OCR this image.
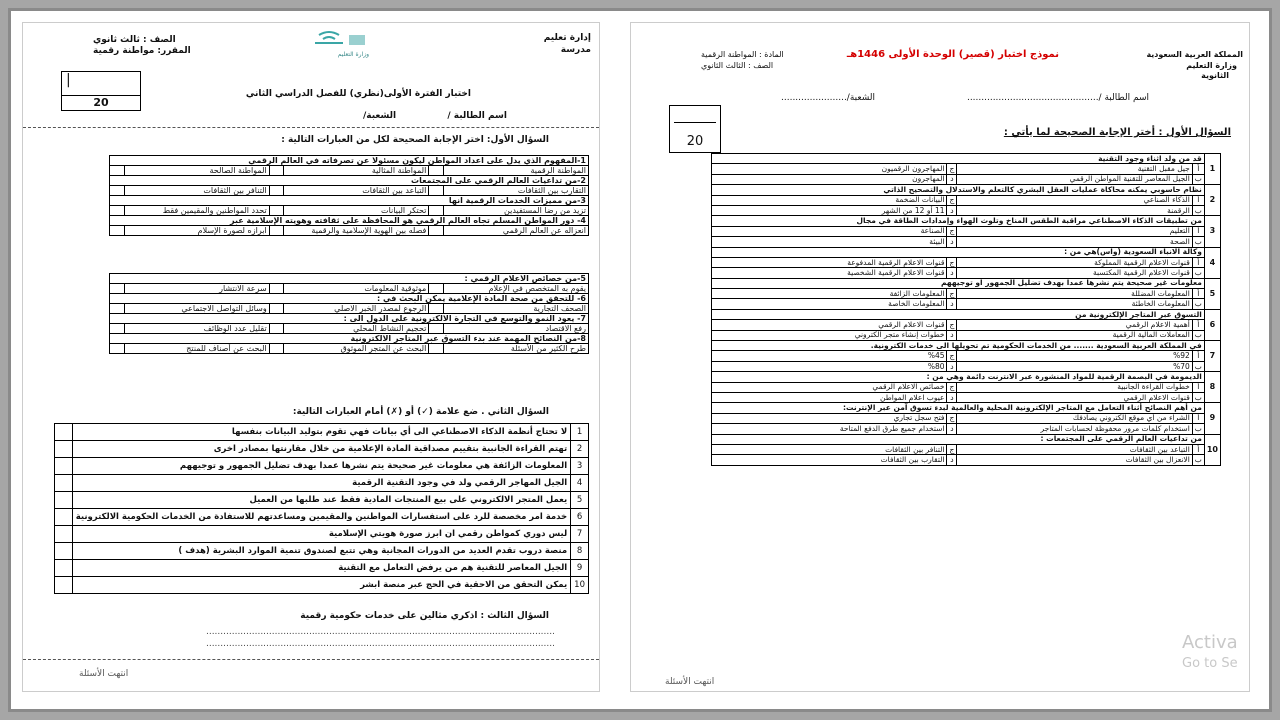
إدارة تعليم
مدرسة
وزارة التعليم
الصف : ثالث ثانوي
المقرر: مواطنة رقمية
|
20
اختبار الفترة الأولى(نظري) للفصل الدراسي الثاني
اسم الطالبة /
الشعبة/
السؤال الأول: اختر الإجابة الصحيحة لكل من العبارات التالية :
1-المفهوم الذي يدل على اعداد المواطن ليكون مسئولا عن تصرفاته في العالم الرقمي					
المواطنة الرقمية		المواطنة المثالية		المواطنة الصالحة	
2-من تداعيات العالم الرقمي على المجتمعات					
التقارب بين الثقافات		التباعد بين الثقافات		التنافر بين الثقافات	
3-من مميزات الخدمات الرقمية انها					
تزيد من رضا المستفيدين		تحتكر البيانات		تحدد المواطنين والمقيمين فقط	
4- دور المواطن المسلم تجاه العالم الرقمي هو المحافظة على ثقافته وهويته الإسلامية عبر					
انعزاله عن العالم الرقمي		فصله بين الهوية الإسلامية والرقمية		ابرازه لصورة الإسلام	
5-من خصائص الاعلام الرقمي :					
يقوم به المتخصص في الإعلام		موثوقية المعلومات		سرعة الانتشار	
6- للتحقق من صحة المادة الإعلامية يمكن البحث في :					
الصحف التجارية		الرجوع لمصدر الخبر الاصلي		وسائل التواصل الاجتماعي	
7- يعود النمو والتوسع في التجارة الالكترونية على الدول الى :					
رفع الاقتصاد		تحجيم النشاط المحلي		تقليل عدد الوظائف	
8-من النصائح المهمة عند بدء التسوق عبر المتاجر الالكترونية					
طرح الكثير من الأسئلة		البحث عن المتجر الموثوق		البحث عن أصناف للمنتج	
السؤال الثاني . ضع علامة (✓) أو (✗) أمام العبارات التالية:
1	لا تحتاج أنظمة الذكاء الاصطناعي الى أي بيانات فهي تقوم بتوليد البيانات بنفسها	
2	تهتم القراءة الجانبية بتقييم مصداقية المادة الإعلامية من خلال مقارنتها بمصادر اخرى	
3	المعلومات الزائفة هي معلومات غير صحيحة يتم نشرها عمدا بهدف تضليل الجمهور و توجيههم	
4	الجيل المهاجر الرقمي ولد في وجود التقنية الرقمية	
5	يعمل المتجر الالكتروني على بيع المنتجات المادية فقط عند طلبها من العميل	
6	خدمة امر مخصصة للرد على استفسارات المواطنين والمقيمين ومساعدتهم للاستفادة من الخدمات الحكومية الالكترونية	
7	ليس دوري كمواطن رقمي ان ابرز صورة هويتي الإسلامية	
8	منصة دروب تقدم العديد من الدورات المجانية وهي تتبع لصندوق تنمية الموارد البشرية (هدف )	
9	الجيل المعاصر للتقنية هم من يرفض التعامل مع التقنية	
10	يمكن التحقق من الاحقية في الحج عبر منصة ابشر	
السؤال الثالث : اذكري مثالين على خدمات حكومية رقمية
..........................................................................................................................
..........................................................................................................................
انتهت الأسئلة
المملكة العربية السعودية
وزارة التعليم
الثانوية
نموذج اختبار (قصير) الوحدة الأولى 1446هـ
المادة : المواطنة الرقمية
الصف : الثالث الثانوي
اسم الطالبة /..............................................
الشعبة/.......................
20
السؤال الأول : أختر الإجابة الصحيحة لما يأتي :
1	قد من ولد اثناء وجود التقنية			
	أ	جيل مقبل التقنية	ج	المهاجرون الرقميون
	ب	الجيل المعاصر للتقنية المواطن الرقمي	د	المهاجرون
2	نظام حاسوبي يمكنه محاكاة عمليات العقل البشري كالتعلم والاستدلال والتصحيح الذاتي			
	أ	الذكاء الصناعي	ج	البيانات الضخمة
	ب	الرقمنة	د	11 أو 12 من الشهر
3	من تطبيقات الذكاء الاصطناعي مراقبة الطقس المناخ وتلوث الهواء وإمدادات الطاقة في مجال			
	أ	التعليم	ج	الصناعة
	ب	الصحة	د	البيئة
4	وكالة الانباء السعودية (واس)هي من :			
	أ	قنوات الاعلام الرقمية المملوكة	ج	قنوات الاعلام الرقمية المدفوعة
	ب	قنوات الاعلام الرقمية المكتسبة	د	قنوات الاعلام الرقمية الشخصية
5	معلومات غير صحيحة يتم نشرها عمدا بهدف تضليل الجمهور او توجيههم			
	أ	المعلومات المضللة	ج	المعلومات الزائفة
	ب	المعلومات الخاطئة	د	المعلومات الخاصة
6	التسوق عبر المتاجر الإلكترونية من			
	أ	أهمية الاعلام الرقمي	ج	قنوات الاعلام الرقمي
	ب	المعاملات المالية الرقمية	د	خطوات إنشاء متجر الكتروني
7	في المملكة العربية السعودية ....... من الخدمات الحكومية تم تحويلها الى خدمات الكترونية.			
	أ	%92	ج	%45
	ب	%70	د	%80
8	الديمومة في البصمة الرقمية للمواد المنشورة عبر الانترنت دائمة وهي من :			
	أ	خطوات القراءة الجانبية	ج	خصائص الاعلام الرقمي
	ب	قنوات الاعلام الرقمي	د	عيوب اعلام المواطن
9	من أهم النصائح أثناء التعامل مع المتاجر الإلكترونية المحلية والعالمية لبدء تسوق آمن عبر الإنترنت:			
	أ	الشراء من أي موقع الكتروني يصادفك	ج	فتح سجل تجاري
	ب	استخدام كلمات مرور محفوظة لحسابات المتاجر	د	استخدام جميع طرق الدفع المتاحة
10	من تداعيات العالم الرقمي على المجتمعات :			
	أ	التباعد بين الثقافات	ج	التنافر بين الثقافات
	ب	الانعزال بين الثقافات	د	التقارب بين الثقافات
انتهت الأسئلة
Activa
Go to Se
